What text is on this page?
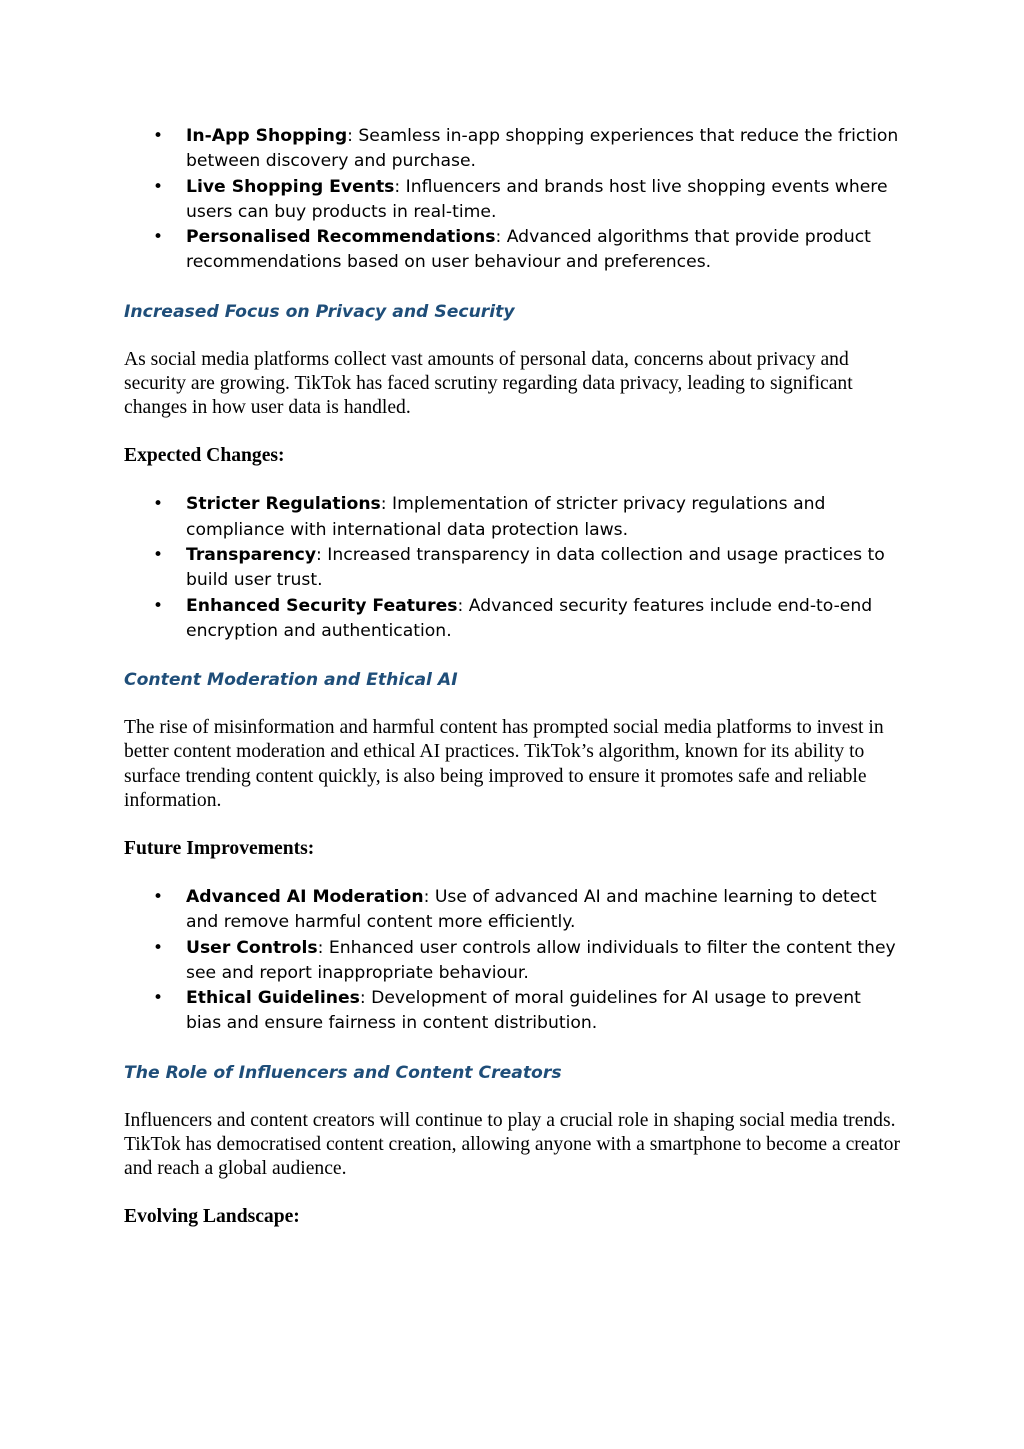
• In-App Shopping: Seamless in-app shopping experiences that reduce the friction between discovery and purchase.
• Live Shopping Events: Influencers and brands host live shopping events where users can buy products in real-time.
• Personalised Recommendations: Advanced algorithms that provide product recommendations based on user behaviour and preferences.
Increased Focus on Privacy and Security

As social media platforms collect vast amounts of personal data, concerns about privacy and security are growing. TikTok has faced scrutiny regarding data privacy, leading to significant changes in how user data is handled.

Expected Changes:
• Stricter Regulations: Implementation of stricter privacy regulations and compliance with international data protection laws.
• Transparency: Increased transparency in data collection and usage practices to build user trust.
• Enhanced Security Features: Advanced security features include end-to-end encryption and authentication.
Content Moderation and Ethical AI

The rise of misinformation and harmful content has prompted social media platforms to invest in better content moderation and ethical AI practices. TikTok’s algorithm, known for its ability to surface trending content quickly, is also being improved to ensure it promotes safe and reliable information.

Future Improvements:
• Advanced AI Moderation: Use of advanced AI and machine learning to detect and remove harmful content more efficiently.
• User Controls: Enhanced user controls allow individuals to filter the content they see and report inappropriate behaviour.
• Ethical Guidelines: Development of moral guidelines for AI usage to prevent bias and ensure fairness in content distribution.
The Role of Influencers and Content Creators

Influencers and content creators will continue to play a crucial role in shaping social media trends. TikTok has democratised content creation, allowing anyone with a smartphone to become a creator and reach a global audience.

Evolving Landscape:
